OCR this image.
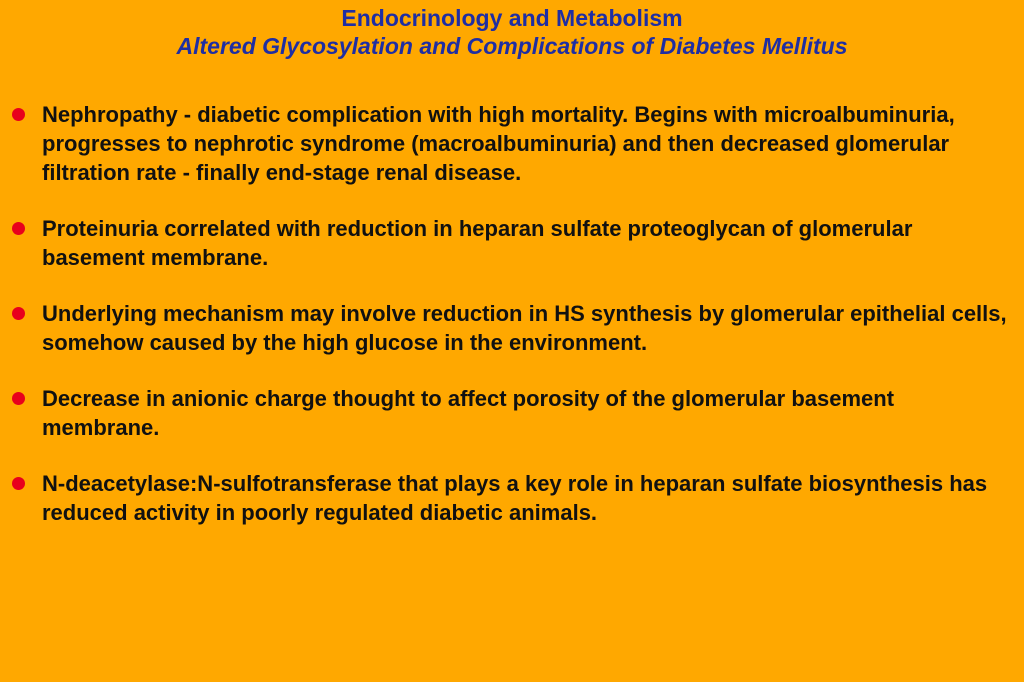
Endocrinology and Metabolism
Altered Glycosylation and Complications of Diabetes Mellitus
Nephropathy - diabetic complication with high mortality. Begins with microalbuminuria, progresses to nephrotic syndrome (macroalbuminuria) and then decreased glomerular filtration rate - finally end-stage renal disease.
Proteinuria correlated with reduction in heparan sulfate proteoglycan of glomerular basement membrane.
Underlying mechanism may involve reduction in HS synthesis by glomerular epithelial cells, somehow caused by the high glucose in the environment.
Decrease in anionic charge thought to affect porosity of the glomerular basement membrane.
N-deacetylase:N-sulfotransferase that plays a key role in heparan sulfate biosynthesis has reduced activity in poorly regulated diabetic animals.
